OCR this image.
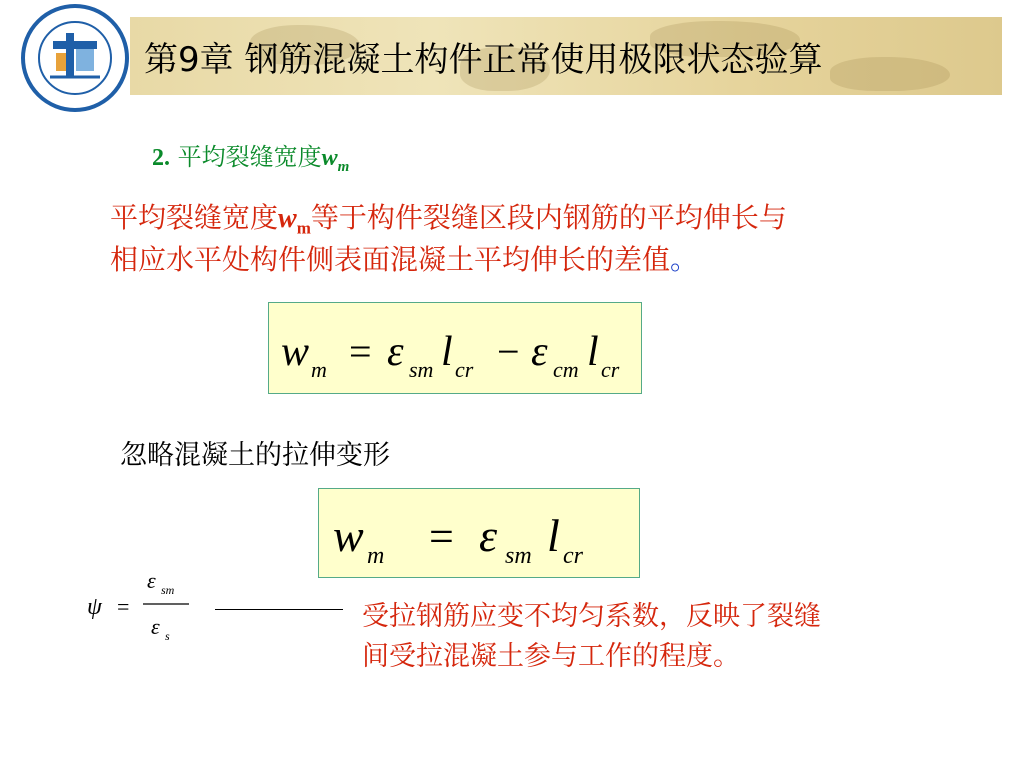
第9章 钢筋混凝土构件正常使用极限状态验算
2. 平均裂缝宽度$w_m$
平均裂缝宽度$w_m$等于构件裂缝区段内钢筋的平均伸长与
相应水平处构件侧表面混凝土平均伸长的差值。
w m = ε sm l cr − ε cm l cr
忽略混凝土的拉伸变形
w m = ε sm l cr
ψ =
ε sm
ε s
受拉钢筋应变不均匀系数，反映了裂缝
间受拉混凝土参与工作的程度。
